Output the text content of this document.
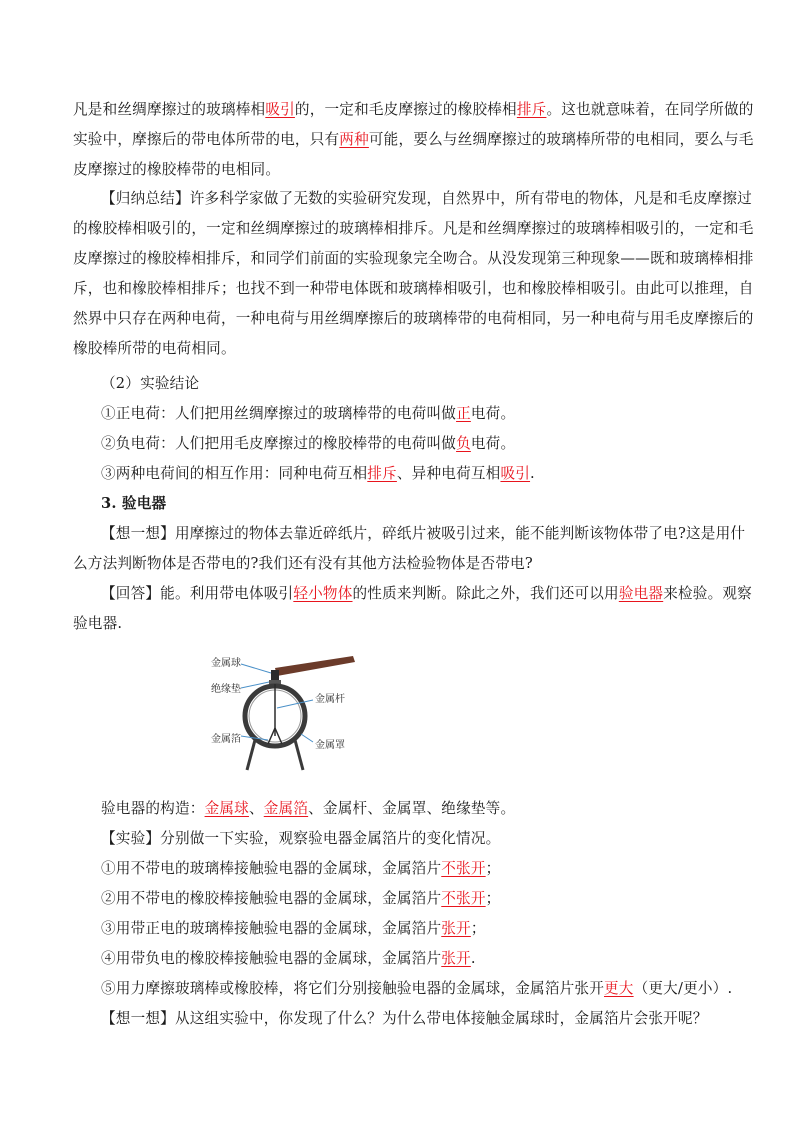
凡是和丝绸摩擦过的玻璃棒相吸引的，一定和毛皮摩擦过的橡胶棒相排斥。这也就意味着，在同学所做的
实验中，摩擦后的带电体所带的电，只有两种可能，要么与丝绸摩擦过的玻璃棒所带的电相同，要么与毛
皮摩擦过的橡胶棒带的电相同。
【归纳总结】许多科学家做了无数的实验研究发现，自然界中，所有带电的物体，凡是和毛皮摩擦过
的橡胶棒相吸引的，一定和丝绸摩擦过的玻璃棒相排斥。凡是和丝绸摩擦过的玻璃棒相吸引的，一定和毛
皮摩擦过的橡胶棒相排斥，和同学们前面的实验现象完全吻合。从没发现第三种现象——既和玻璃棒相排
斥，也和橡胶棒相排斥；也找不到一种带电体既和玻璃棒相吸引，也和橡胶棒相吸引。由此可以推理，自
然界中只存在两种电荷，一种电荷与用丝绸摩擦后的玻璃棒带的电荷相同，另一种电荷与用毛皮摩擦后的
橡胶棒所带的电荷相同。
（2）实验结论
①正电荷：人们把用丝绸摩擦过的玻璃棒带的电荷叫做正电荷。
②负电荷：人们把用毛皮摩擦过的橡胶棒带的电荷叫做负电荷。
③两种电荷间的相互作用：同种电荷互相排斥、异种电荷互相吸引.
3. 验电器
【想一想】用摩擦过的物体去靠近碎纸片，碎纸片被吸引过来，能不能判断该物体带了电?这是用什
么方法判断物体是否带电的?我们还有没有其他方法检验物体是否带电?
【回答】能。利用带电体吸引轻小物体的性质来判断。除此之外，我们还可以用验电器来检验。观察
验电器.
金属球
绝缘垫
金属杆
金属箔
金属罩
验电器的构造：金属球、金属箔、金属杆、金属罩、绝缘垫等。
【实验】分别做一下实验，观察验电器金属箔片的变化情况。
①用不带电的玻璃棒接触验电器的金属球，金属箔片不张开；
②用不带电的橡胶棒接触验电器的金属球，金属箔片不张开；
③用带正电的玻璃棒接触验电器的金属球，金属箔片张开；
④用带负电的橡胶棒接触验电器的金属球，金属箔片张开.
⑤用力摩擦玻璃棒或橡胶棒，将它们分别接触验电器的金属球，金属箔片张开更大（更大/更小）.
【想一想】从这组实验中，你发现了什么？为什么带电体接触金属球时，金属箔片会张开呢？
